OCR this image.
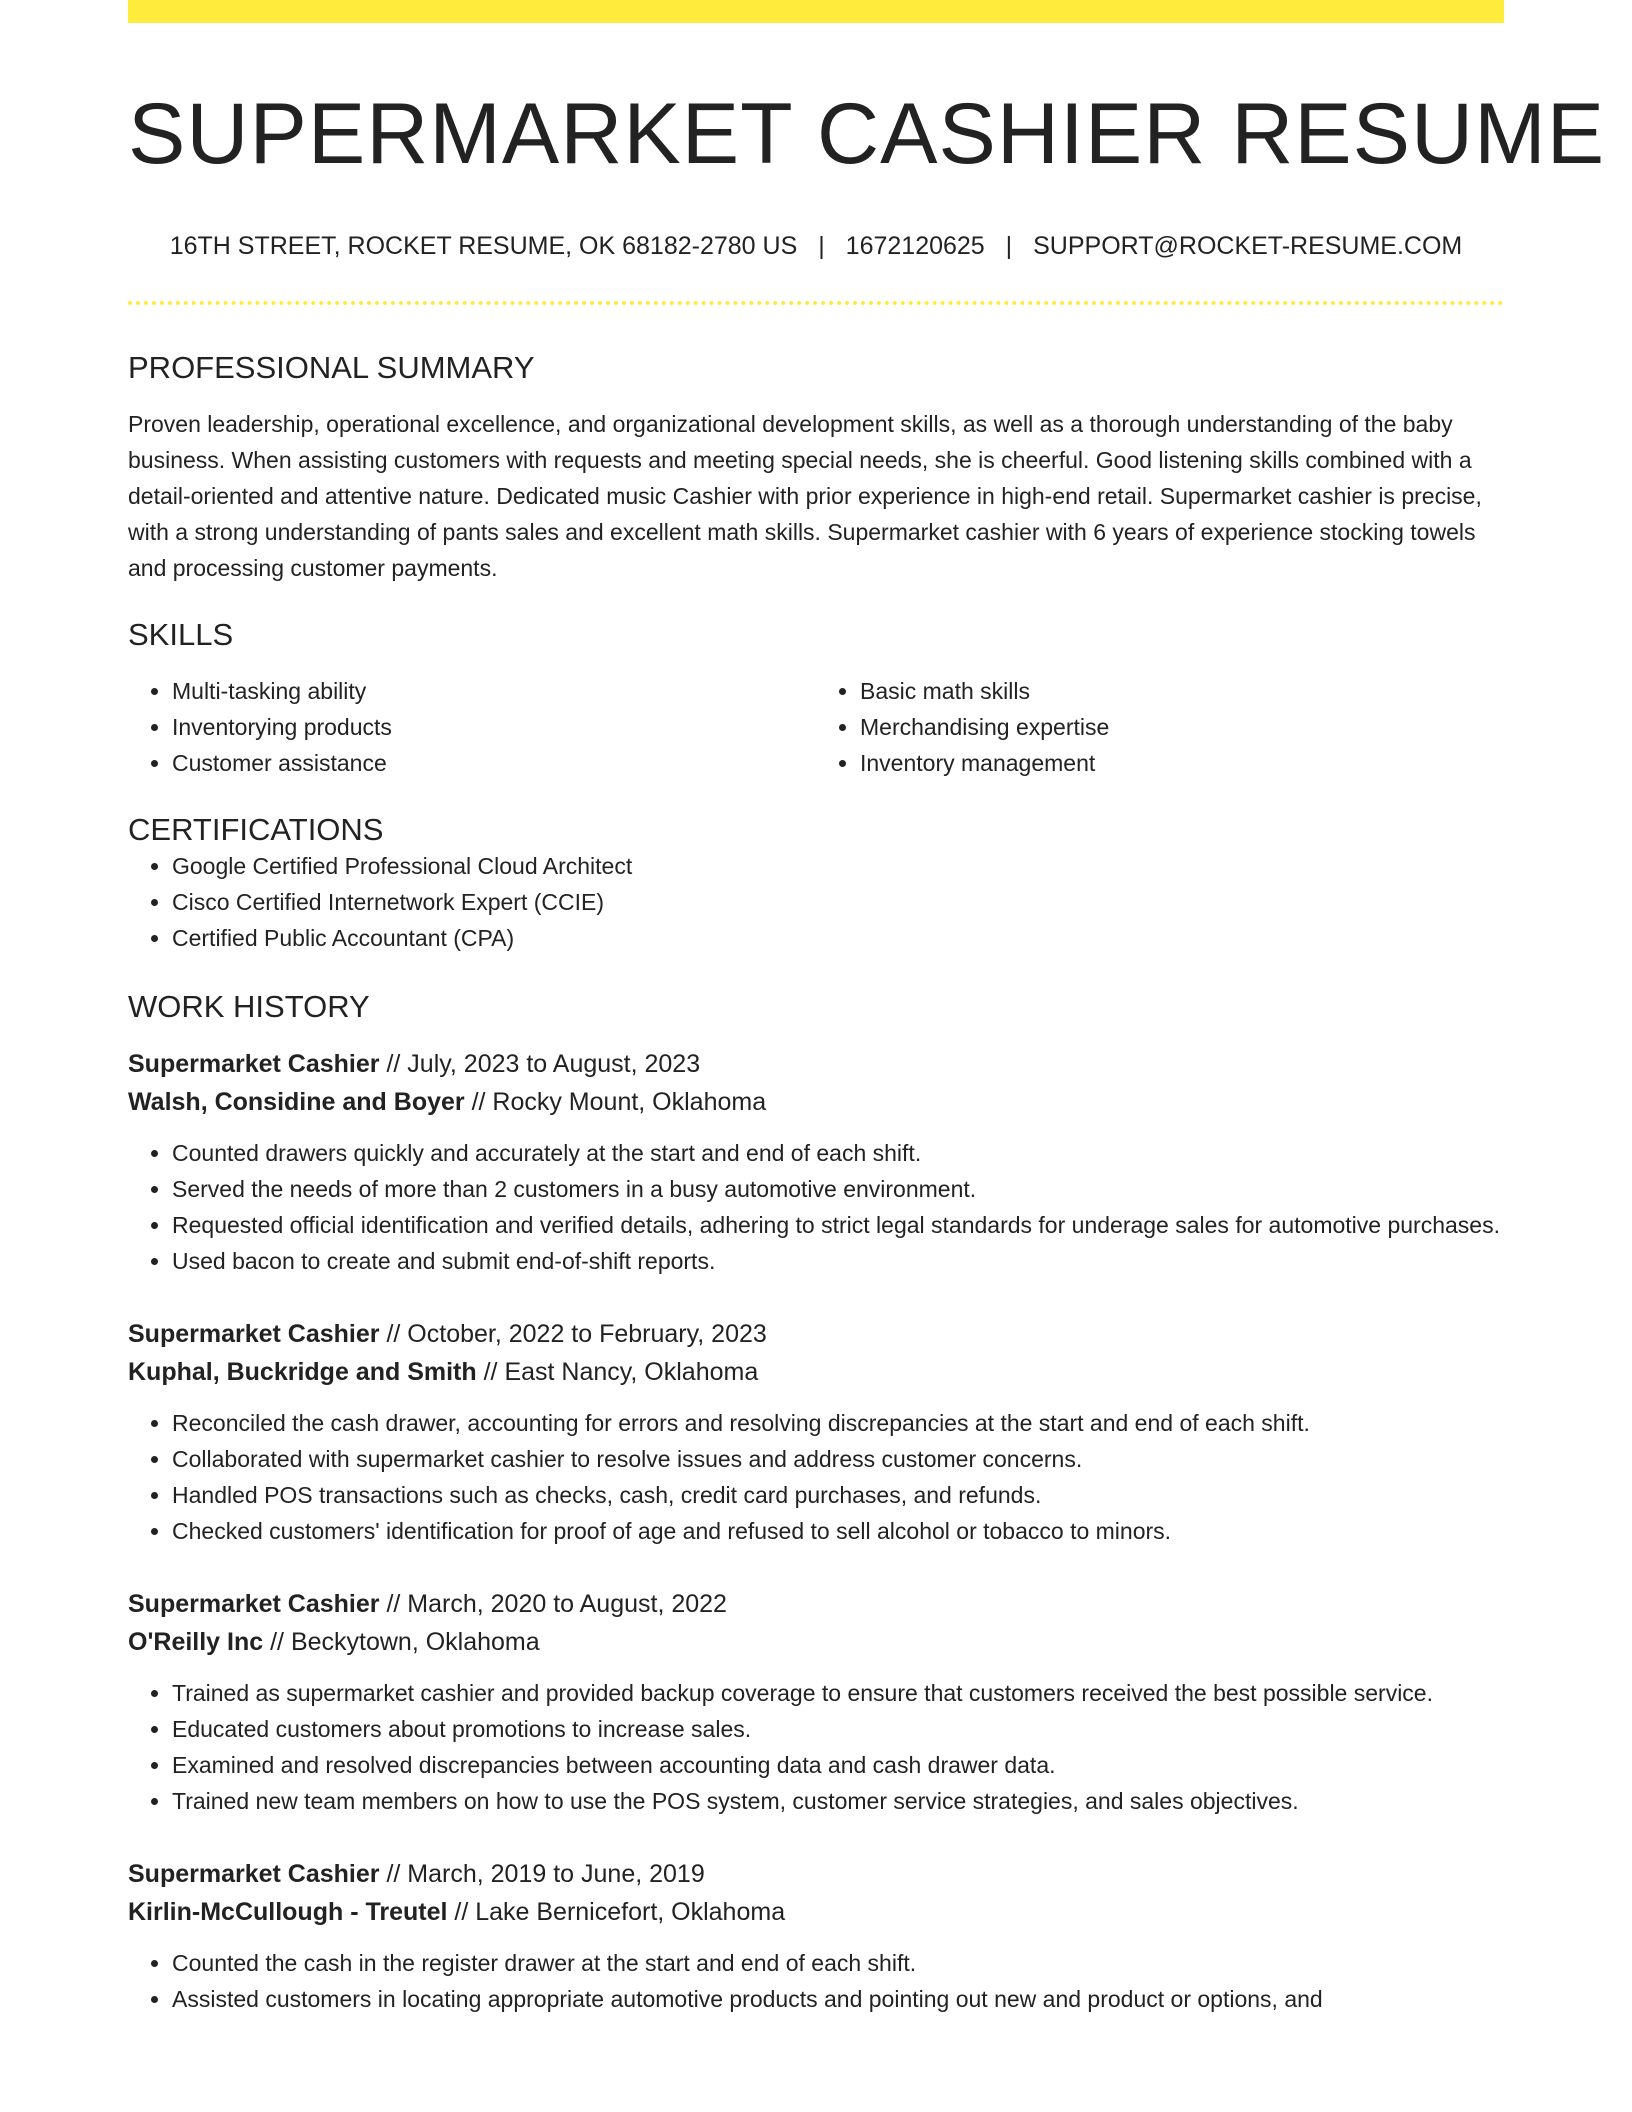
SUPERMARKET CASHIER RESUME
16TH STREET, ROCKET RESUME, OK 68182-2780 US | 1672120625 | SUPPORT@ROCKET-RESUME.COM
PROFESSIONAL SUMMARY

Proven leadership, operational excellence, and organizational development skills, as well as a thorough understanding of the baby business. When assisting customers with requests and meeting special needs, she is cheerful. Good listening skills combined with a detail-oriented and attentive nature. Dedicated music Cashier with prior experience in high-end retail. Supermarket cashier is precise, with a strong understanding of pants sales and excellent math skills. Supermarket cashier with 6 years of experience stocking towels and processing customer payments.

SKILLS
• Multi-tasking ability
• Inventorying products
• Customer assistance
• Basic math skills
• Merchandising expertise
• Inventory management
CERTIFICATIONS
• Google Certified Professional Cloud Architect
• Cisco Certified Internetwork Expert (CCIE)
• Certified Public Accountant (CPA)
WORK HISTORY
Supermarket Cashier // July, 2023 to August, 2023
Walsh, Considine and Boyer // Rocky Mount, Oklahoma
• Counted drawers quickly and accurately at the start and end of each shift.
• Served the needs of more than 2 customers in a busy automotive environment.
• Requested official identification and verified details, adhering to strict legal standards for underage sales for automotive purchases.
• Used bacon to create and submit end-of-shift reports.
Supermarket Cashier // October, 2022 to February, 2023
Kuphal, Buckridge and Smith // East Nancy, Oklahoma
• Reconciled the cash drawer, accounting for errors and resolving discrepancies at the start and end of each shift.
• Collaborated with supermarket cashier to resolve issues and address customer concerns.
• Handled POS transactions such as checks, cash, credit card purchases, and refunds.
• Checked customers' identification for proof of age and refused to sell alcohol or tobacco to minors.
Supermarket Cashier // March, 2020 to August, 2022
O'Reilly Inc // Beckytown, Oklahoma
• Trained as supermarket cashier and provided backup coverage to ensure that customers received the best possible service.
• Educated customers about promotions to increase sales.
• Examined and resolved discrepancies between accounting data and cash drawer data.
• Trained new team members on how to use the POS system, customer service strategies, and sales objectives.
Supermarket Cashier // March, 2019 to June, 2019
Kirlin-McCullough - Treutel // Lake Bernicefort, Oklahoma
• Counted the cash in the register drawer at the start and end of each shift.
• Assisted customers in locating appropriate automotive products and pointing out new and product or options, and
